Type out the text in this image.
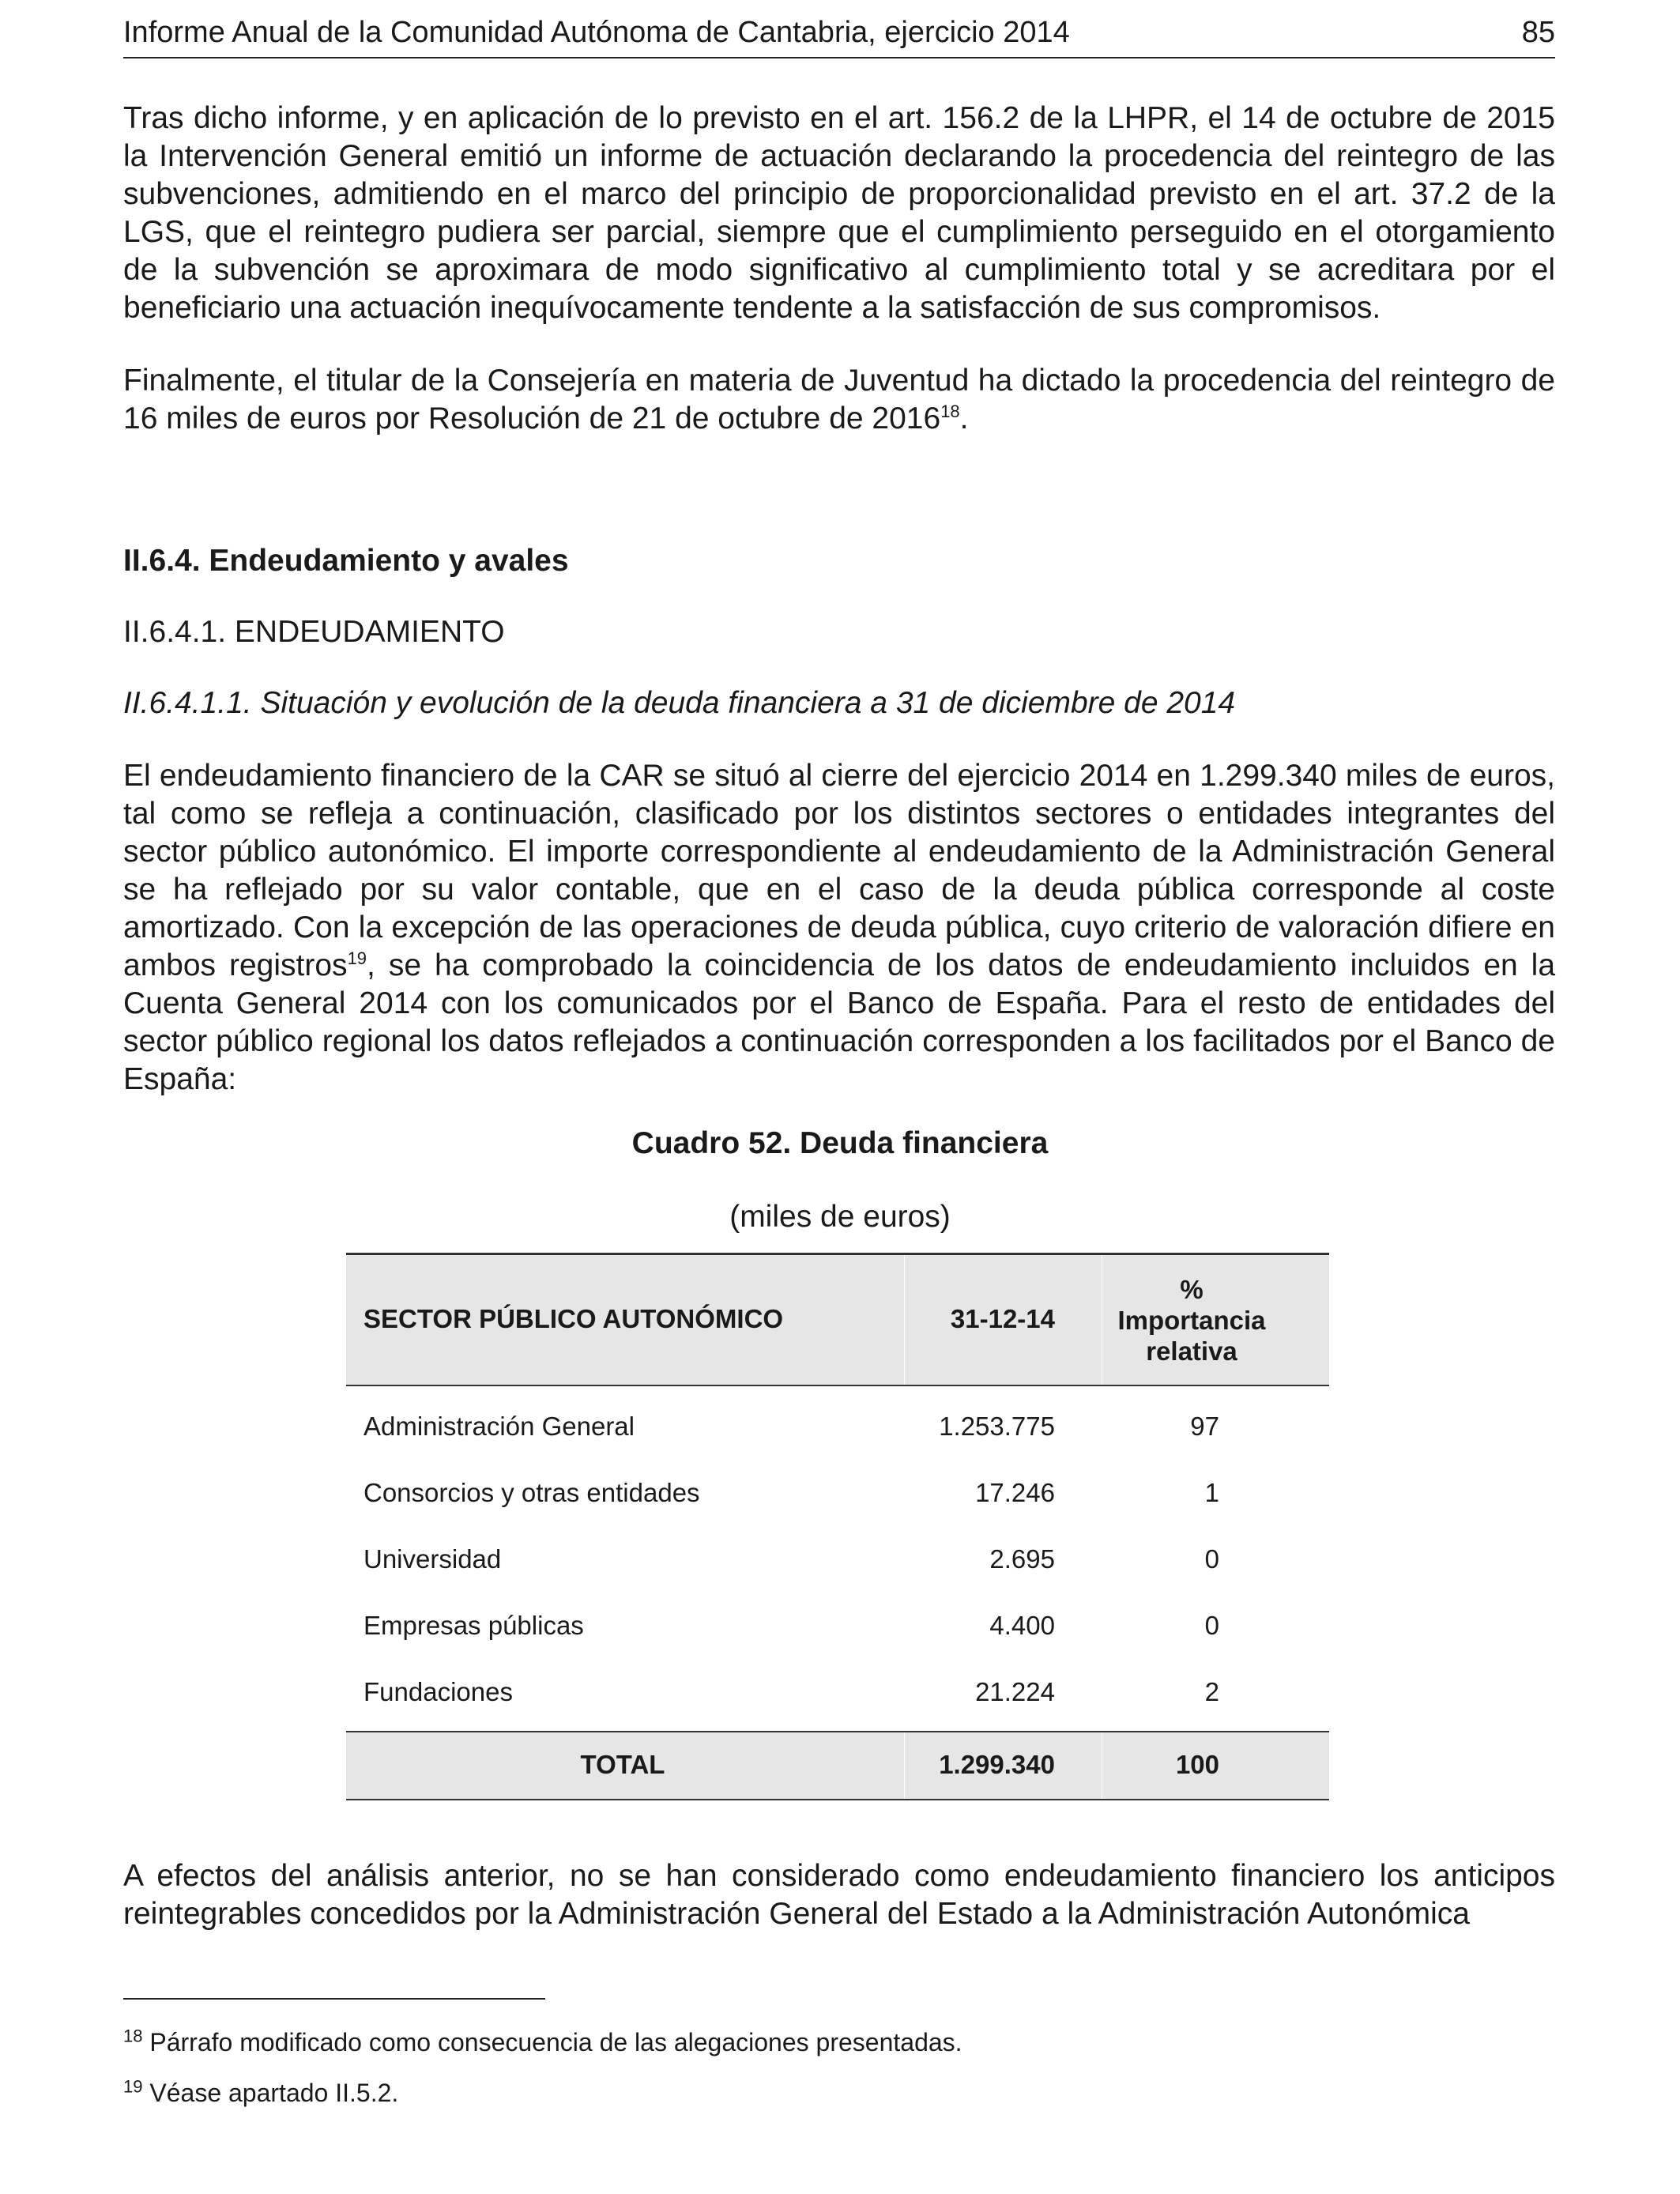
Informe Anual de la Comunidad Autónoma de Cantabria, ejercicio 2014	85

Tras dicho informe, y en aplicación de lo previsto en el art. 156.2 de la LHPR, el 14 de octubre de 2015 la Intervención General emitió un informe de actuación declarando la procedencia del reintegro de las subvenciones, admitiendo en el marco del principio de proporcionalidad previsto en el art. 37.2 de la LGS, que el reintegro pudiera ser parcial, siempre que el cumplimiento perseguido en el otorgamiento de la subvención se aproximara de modo significativo al cumplimiento total y se acreditara por el beneficiario una actuación inequívocamente tendente a la satisfacción de sus compromisos.

Finalmente, el titular de la Consejería en materia de Juventud ha dictado la procedencia del reintegro de 16 miles de euros por Resolución de 21 de octubre de 2016$^{18}$.

II.6.4. Endeudamiento y avales

II.6.4.1. ENDEUDAMIENTO

II.6.4.1.1. Situación y evolución de la deuda financiera a 31 de diciembre de 2014

El endeudamiento financiero de la CAR se situó al cierre del ejercicio 2014 en 1.299.340 miles de euros, tal como se refleja a continuación, clasificado por los distintos sectores o entidades integrantes del sector público autonómico. El importe correspondiente al endeudamiento de la Administración General se ha reflejado por su valor contable, que en el caso de la deuda pública corresponde al coste amortizado. Con la excepción de las operaciones de deuda pública, cuyo criterio de valoración difiere en ambos registros$^{19}$, se ha comprobado la coincidencia de los datos de endeudamiento incluidos en la Cuenta General 2014 con los comunicados por el Banco de España. Para el resto de entidades del sector público regional los datos reflejados a continuación corresponden a los facilitados por el Banco de España:

Cuadro 52. Deuda financiera
(miles de euros)
SECTOR PÚBLICO AUTONÓMICO	31-12-14
%
Importancia
relativa
Administración General	1.253.775	97
Consorcios y otras entidades	17.246	1
Universidad	2.695	0
Empresas públicas	4.400	0
Fundaciones	21.224	2
TOTAL	1.299.340	100

A efectos del análisis anterior, no se han considerado como endeudamiento financiero los anticipos reintegrables concedidos por la Administración General del Estado a la Administración Autonómica

$^{18}$ Párrafo modificado como consecuencia de las alegaciones presentadas.

$^{19}$ Véase apartado II.5.2.
